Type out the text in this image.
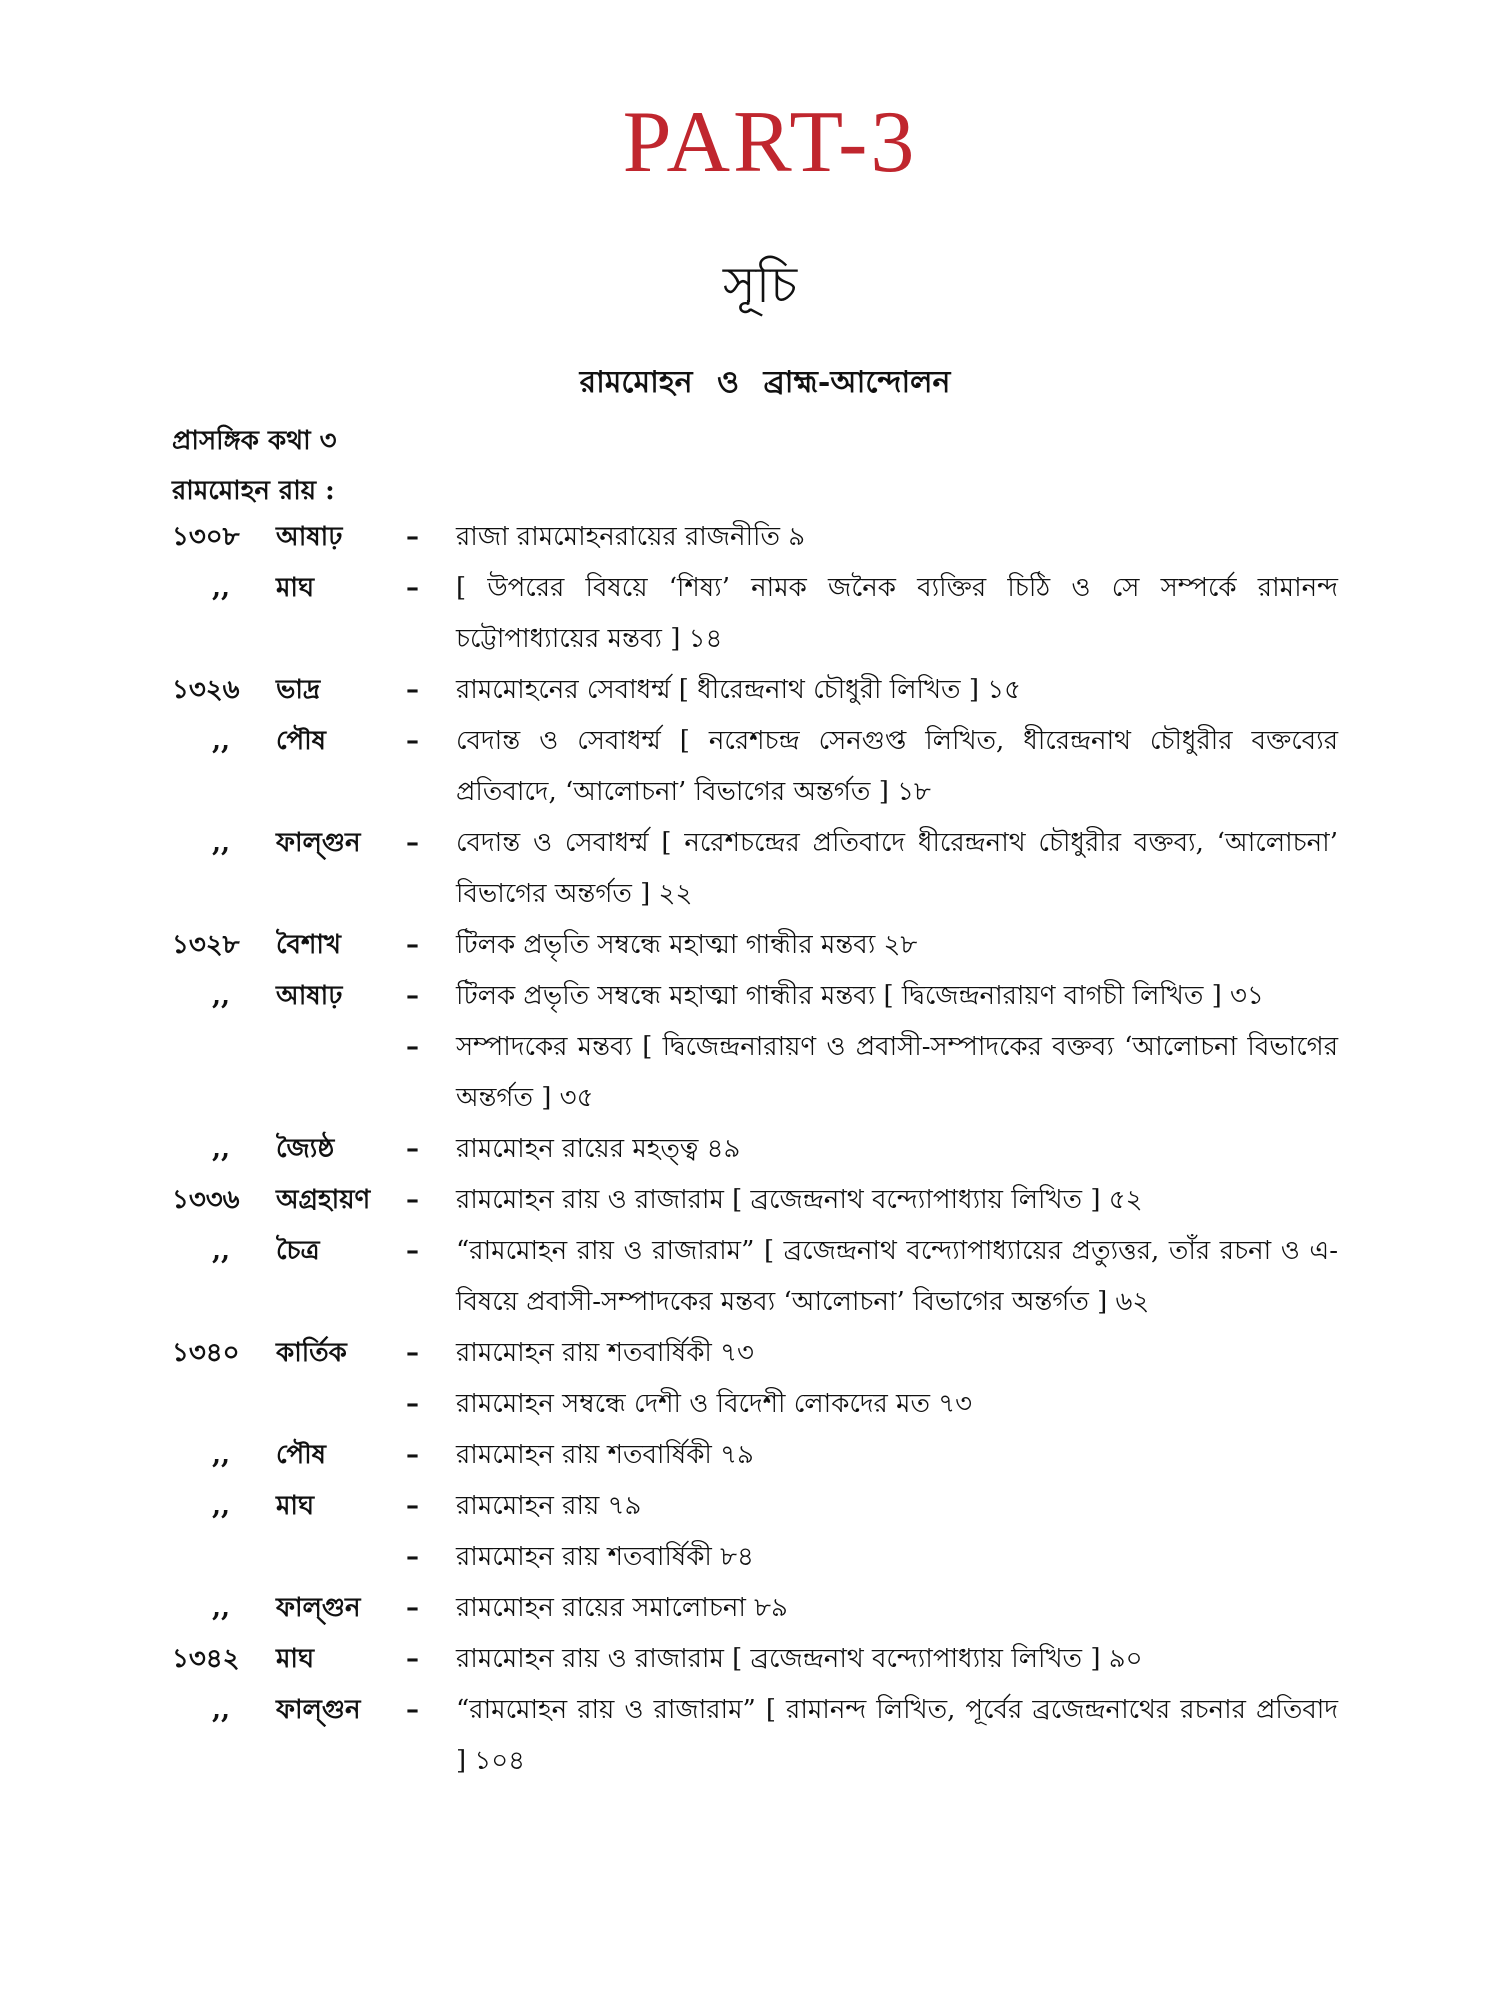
PART-3
সূচি
রামমোহন ও ব্রাহ্ম-আন্দোলন
প্রাসঙ্গিক কথা ৩
রামমোহন রায় :
১৩০৮	আষাঢ়	–	রাজা রামমোহনরায়ের রাজনীতি ৯
,,	মাঘ	–	[ উপরের বিষয়ে ‘শিষ্য’ নামক জনৈক ব্যক্তির চিঠি ও সে সম্পর্কে রামানন্দ চট্টোপাধ্যায়ের মন্তব্য ] ১৪
১৩২৬	ভাদ্র	–	রামমোহনের সেবাধর্ম্ম [ ধীরেন্দ্রনাথ চৌধুরী লিখিত ] ১৫
,,	পৌষ	–	বেদান্ত ও সেবাধর্ম্ম [ নরেশচন্দ্র সেনগুপ্ত লিখিত, ধীরেন্দ্রনাথ চৌধুরীর বক্তব্যের প্রতিবাদে, ‘আলোচনা’ বিভাগের অন্তর্গত ] ১৮
,,	ফাল্গুন	–	বেদান্ত ও সেবাধর্ম্ম [ নরেশচন্দ্রের প্রতিবাদে ধীরেন্দ্রনাথ চৌধুরীর বক্তব্য, ‘আলোচনা’ বিভাগের অন্তর্গত ] ২২
১৩২৮	বৈশাখ	–	টিলক প্রভৃতি সম্বন্ধে মহাত্মা গান্ধীর মন্তব্য ২৮
,,	আষাঢ়	–	টিলক প্রভৃতি সম্বন্ধে মহাত্মা গান্ধীর মন্তব্য [ দ্বিজেন্দ্রনারায়ণ বাগচী লিখিত ] ৩১
–	সম্পাদকের মন্তব্য [ দ্বিজেন্দ্রনারায়ণ ও প্রবাসী-সম্পাদকের বক্তব্য ‘আলোচনা বিভাগের অন্তর্গত ] ৩৫
,,	জ্যৈষ্ঠ	–	রামমোহন রায়ের মহত্ত্ব ৪৯
১৩৩৬	অগ্রহায়ণ	–	রামমোহন রায় ও রাজারাম [ ব্রজেন্দ্রনাথ বন্দ্যোপাধ্যায় লিখিত ] ৫২
,,	চৈত্র	–	“রামমোহন রায় ও রাজারাম” [ ব্রজেন্দ্রনাথ বন্দ্যোপাধ্যায়ের প্রত্যুত্তর, তাঁর রচনা ও এ-বিষয়ে প্রবাসী-সম্পাদকের মন্তব্য ‘আলোচনা’ বিভাগের অন্তর্গত ] ৬২
১৩৪০	কার্তিক	–	রামমোহন রায় শতবার্ষিকী ৭৩
–	রামমোহন সম্বন্ধে দেশী ও বিদেশী লোকদের মত ৭৩
,,	পৌষ	–	রামমোহন রায় শতবার্ষিকী ৭৯
,,	মাঘ	–	রামমোহন রায় ৭৯
–	রামমোহন রায় শতবার্ষিকী ৮৪
,,	ফাল্গুন	–	রামমোহন রায়ের সমালোচনা ৮৯
১৩৪২	মাঘ	–	রামমোহন রায় ও রাজারাম [ ব্রজেন্দ্রনাথ বন্দ্যোপাধ্যায় লিখিত ] ৯০
,,	ফাল্গুন	–	“রামমোহন রায় ও রাজারাম” [ রামানন্দ লিখিত, পূর্বের ব্রজেন্দ্রনাথের রচনার প্রতিবাদ ] ১০৪
